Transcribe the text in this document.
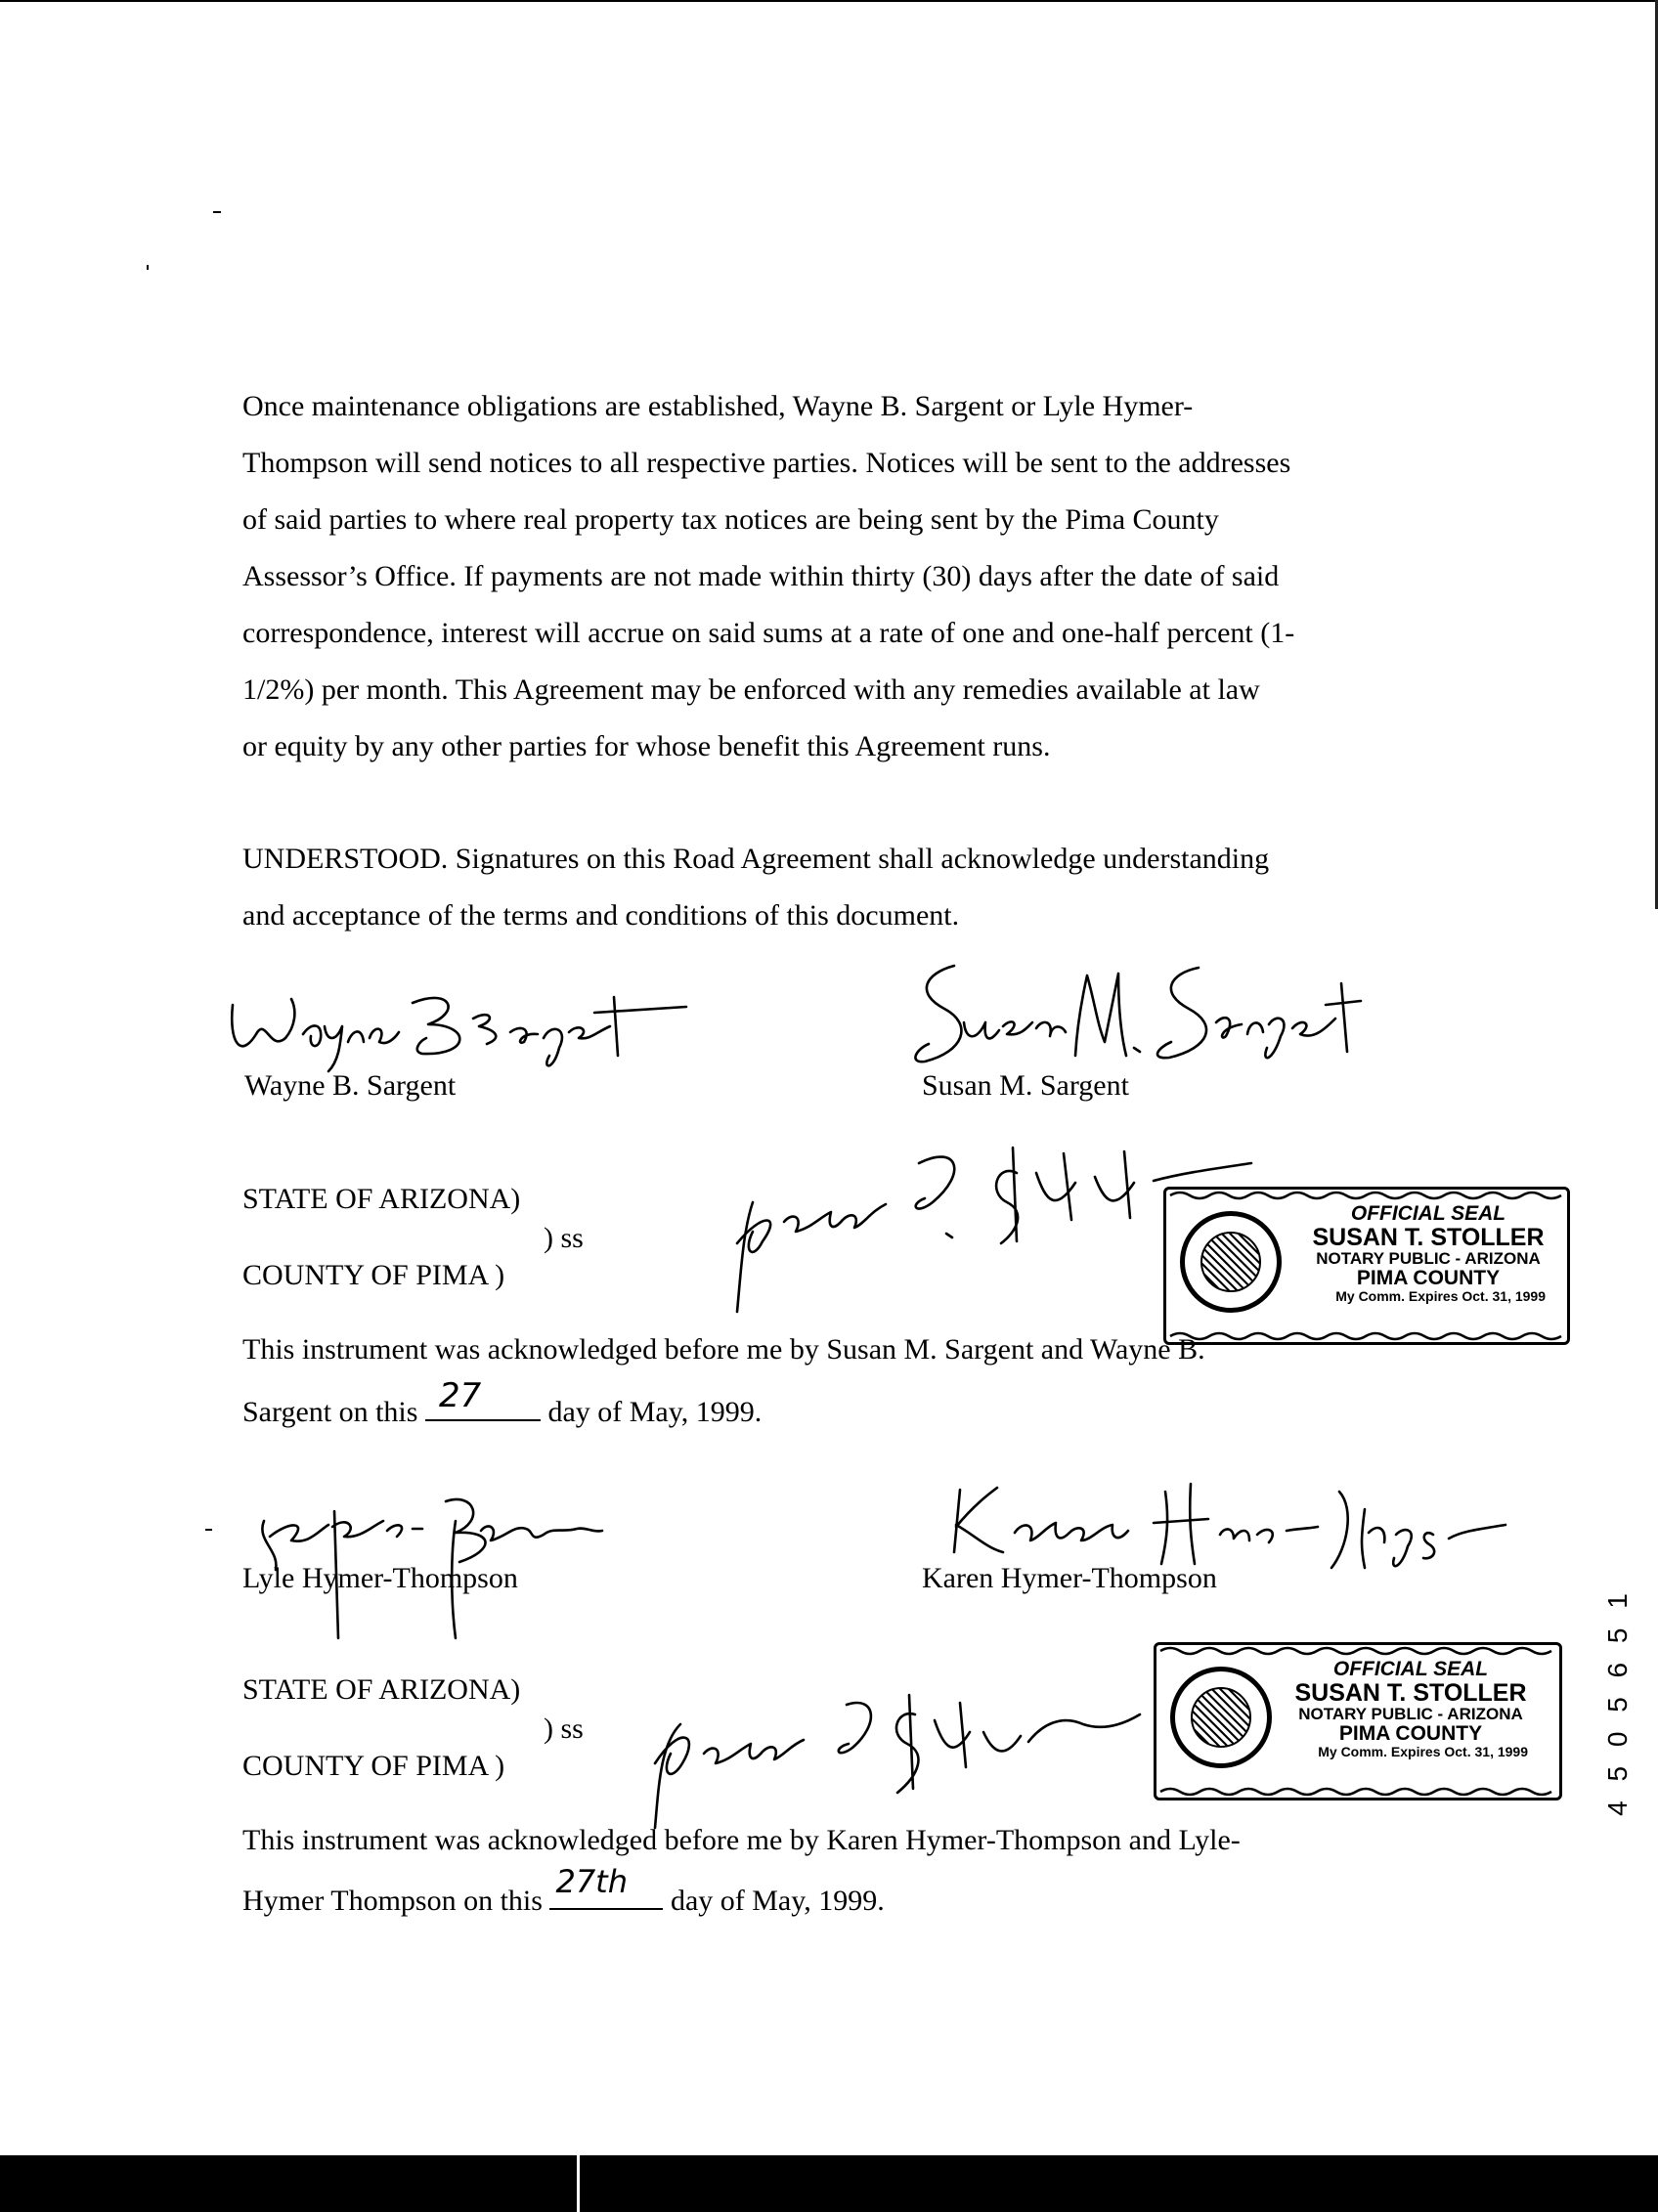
Once maintenance obligations are established, Wayne B. Sargent or Lyle Hymer-
Thompson will send notices to all respective parties. Notices will be sent to the addresses
of said parties to where real property tax notices are being sent by the Pima County
Assessor’s Office. If payments are not made within thirty (30) days after the date of said
correspondence, interest will accrue on said sums at a rate of one and one-half percent (1-
1/2%) per month. This Agreement may be enforced with any remedies available at law
or equity by any other parties for whose benefit this Agreement runs.

UNDERSTOOD. Signatures on this Road Agreement shall acknowledge understanding
and acceptance of the terms and conditions of this document.

Wayne B. Sargent	Susan M. Sargent
STATE OF ARIZONA)
) ss
COUNTY OF PIMA )
OFFICIAL SEAL
SUSAN T. STOLLER
NOTARY PUBLIC - ARIZONA
PIMA COUNTY
My Comm. Expires Oct. 31, 1999
This instrument was acknowledged before me by Susan M. Sargent and Wayne B.

Sargent on this 27 day of May, 1999.

Lyle Hymer-Thompson	Karen Hymer-Thompson
STATE OF ARIZONA)
) ss
COUNTY OF PIMA )
OFFICIAL SEAL
SUSAN T. STOLLER
NOTARY PUBLIC - ARIZONA
PIMA COUNTY
My Comm. Expires Oct. 31, 1999
This instrument was acknowledged before me by Karen Hymer-Thompson and Lyle-

Hymer Thompson on this
27th
day of May, 1999.

4 5 0 5 6 5 1
